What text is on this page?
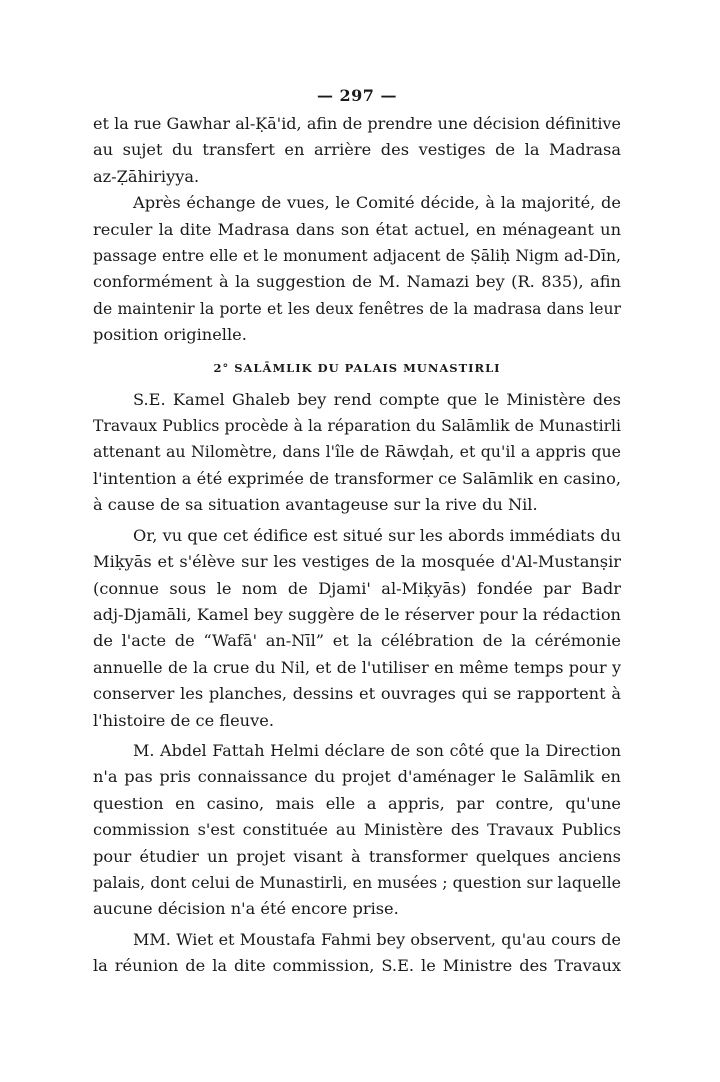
— 297 —

et la rue Gawhar al-Ḳā'id, afin de prendre une décision définitive
au sujet du transfert en arrière des vestiges de la Madrasa
az-Ẓāhiriyya.

Après échange de vues, le Comité décide, à la majorité, de
reculer la dite Madrasa dans son état actuel, en ménageant un
passage entre elle et le monument adjacent de Ṣāliḥ Nigm ad-Dīn,
conformément à la suggestion de M. Namazi bey (R. 835), afin
de maintenir la porte et les deux fenêtres de la madrasa dans leur
position originelle.

2° SALĀMLIK DU PALAIS MUNASTIRLI

S.E. Kamel Ghaleb bey rend compte que le Ministère des
Travaux Publics procède à la réparation du Salāmlik de Munastirli
attenant au Nilomètre, dans l'île de Rāwḍah, et qu'il a appris que
l'intention a été exprimée de transformer ce Salāmlik en casino,
à cause de sa situation avantageuse sur la rive du Nil.

Or, vu que cet édifice est situé sur les abords immédiats du
Miḳyās et s'élève sur les vestiges de la mosquée d'Al-Mustanṣir
(connue sous le nom de Djami' al-Miḳyās) fondée par Badr
adj-Djamāli, Kamel bey suggère de le réserver pour la rédaction
de l'acte de “Wafā' an-Nīl” et la célébration de la cérémonie
annuelle de la crue du Nil, et de l'utiliser en même temps pour y
conserver les planches, dessins et ouvrages qui se rapportent à
l'histoire de ce fleuve.

M. Abdel Fattah Helmi déclare de son côté que la Direction
n'a pas pris connaissance du projet d'aménager le Salāmlik en
question en casino, mais elle a appris, par contre, qu'une
commission s'est constituée au Ministère des Travaux Publics
pour étudier un projet visant à transformer quelques anciens
palais, dont celui de Munastirli, en musées ; question sur laquelle
aucune décision n'a été encore prise.

MM. Wiet et Moustafa Fahmi bey observent, qu'au cours de
la réunion de la dite commission, S.E. le Ministre des Travaux
